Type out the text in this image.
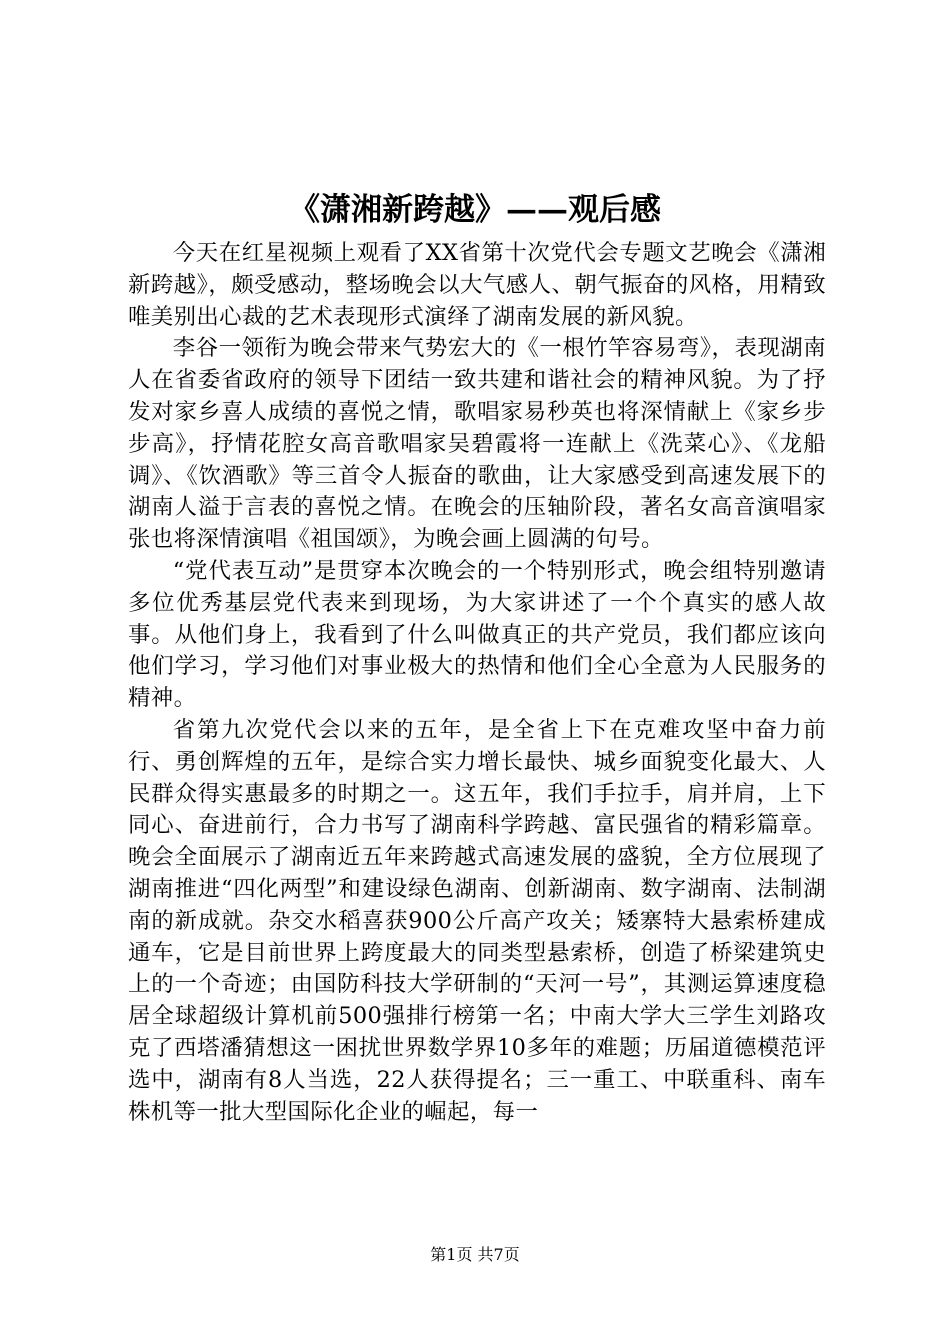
《潇湘新跨越》——观后感

今天在红星视频上观看了XX省第十次党代会专题文艺晚会《潇湘新跨越》，颇受感动，整场晚会以大气感人、朝气振奋的风格，用精致唯美别出心裁的艺术表现形式演绎了湖南发展的新风貌。

李谷一领衔为晚会带来气势宏大的《一根竹竿容易弯》，表现湖南人在省委省政府的领导下团结一致共建和谐社会的精神风貌。为了抒发对家乡喜人成绩的喜悦之情，歌唱家易秒英也将深情献上《家乡步步高》，抒情花腔女高音歌唱家吴碧霞将一连献上《洗菜心》、《龙船调》、《饮酒歌》等三首令人振奋的歌曲，让大家感受到高速发展下的湖南人溢于言表的喜悦之情。在晚会的压轴阶段，著名女高音演唱家张也将深情演唱《祖国颂》，为晚会画上圆满的句号。

“党代表互动”是贯穿本次晚会的一个特别形式，晚会组特别邀请多位优秀基层党代表来到现场，为大家讲述了一个个真实的感人故事。从他们身上，我看到了什么叫做真正的共产党员，我们都应该向他们学习，学习他们对事业极大的热情和他们全心全意为人民服务的精神。

省第九次党代会以来的五年，是全省上下在克难攻坚中奋力前行、勇创辉煌的五年，是综合实力增长最快、城乡面貌变化最大、人民群众得实惠最多的时期之一。这五年，我们手拉手，肩并肩，上下同心、奋进前行，合力书写了湖南科学跨越、富民强省的精彩篇章。晚会全面展示了湖南近五年来跨越式高速发展的盛貌，全方位展现了湖南推进“四化两型”和建设绿色湖南、创新湖南、数字湖南、法制湖南的新成就。杂交水稻喜获900公斤高产攻关；矮寨特大悬索桥建成通车，它是目前世界上跨度最大的同类型悬索桥，创造了桥梁建筑史上的一个奇迹；由国防科技大学研制的“天河一号”，其测运算速度稳居全球超级计算机前500强排行榜第一名；中南大学大三学生刘路攻克了西塔潘猜想这一困扰世界数学界10多年的难题；历届道德模范评选中，湖南有8人当选，22人获得提名；三一重工、中联重科、南车株机等一批大型国际化企业的崛起，每一

第1页 共7页
